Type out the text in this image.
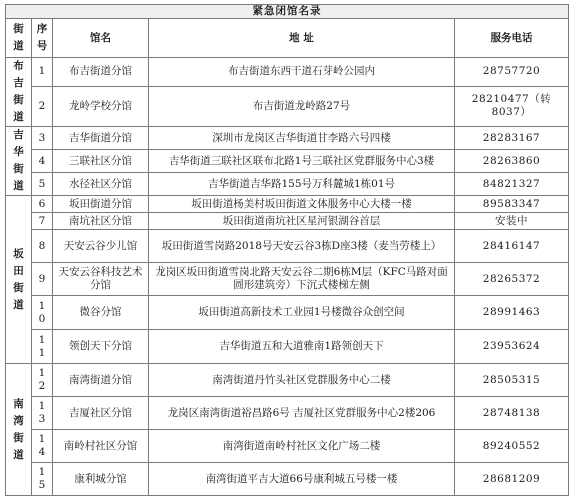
紧急闭馆名录				
街道	序号	馆名	地 址	服务电话
布吉街道	1	布吉街道分馆	布吉街道东西干道石芽岭公园内	28757720
	2	龙岭学校分馆	布吉街道龙岭路27号	28210477（转8037）
吉华街道	3	吉华街道分馆	深圳市龙岗区吉华街道甘李路六号四楼	28283167
	4	三联社区分馆	吉华街道三联社区联布北路1号三联社区党群服务中心3楼	28263860
	5	水径社区分馆	吉华街道吉华路155号万科麓城1栋01号	84821327
坂田街道	6	坂田街道分馆	坂田街道杨美村坂田街道文体服务中心大楼一楼	89583347
	7	南坑社区分馆	坂田街道南坑社区星河银湖谷首层	安装中
	8	天安云谷少儿馆	坂田街道雪岗路2018号天安云谷3栋D座3楼（麦当劳楼上）	28416147
	9	天安云谷科技艺术分馆	龙岗区坂田街道雪岗北路天安云谷二期6栋M层（KFC马路对面圆形建筑旁）下沉式楼梯左侧	28265372
	10	微谷分馆	坂田街道高新技术工业园1号楼微谷众创空间	28991463
	11	领创天下分馆	吉华街道五和大道雅南1路领创天下	23953624
南湾街道	12	南湾街道分馆	南湾街道丹竹头社区党群服务中心二楼	28505315
	13	吉厦社区分馆	龙岗区南湾街道裕昌路6号 吉厦社区党群服务中心2楼206	28748138
	14	南岭村社区分馆	南湾街道南岭村社区文化广场二楼	89240552
	15	康利城分馆	南湾街道平吉大道66号康利城五号楼一楼	28681209
